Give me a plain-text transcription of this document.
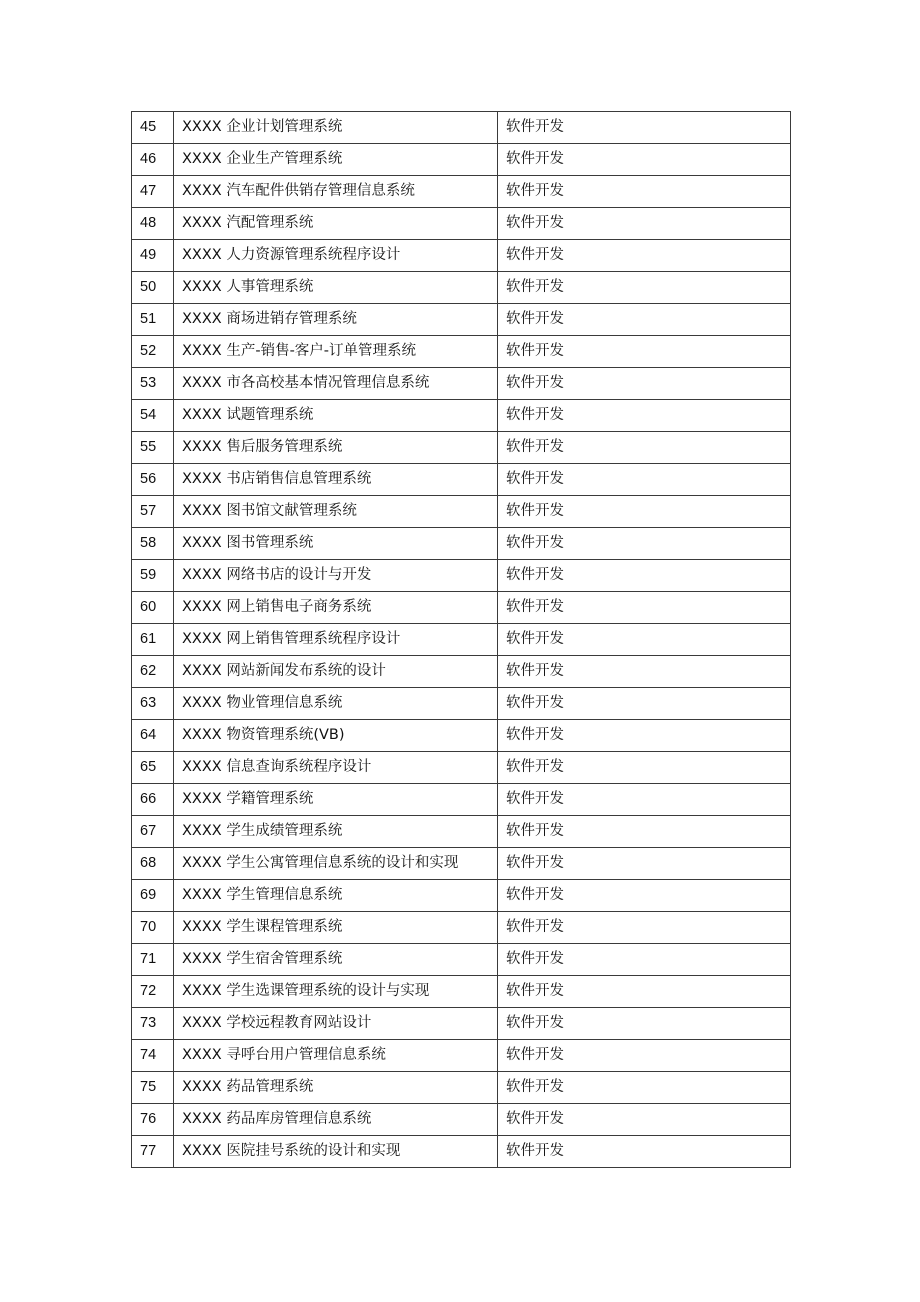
45	XXXX 企业计划管理系统	软件开发
46	XXXX 企业生产管理系统	软件开发
47	XXXX 汽车配件供销存管理信息系统	软件开发
48	XXXX 汽配管理系统	软件开发
49	XXXX 人力资源管理系统程序设计	软件开发
50	XXXX 人事管理系统	软件开发
51	XXXX 商场进销存管理系统	软件开发
52	XXXX 生产-销售-客户-订单管理系统	软件开发
53	XXXX 市各高校基本情况管理信息系统	软件开发
54	XXXX 试题管理系统	软件开发
55	XXXX 售后服务管理系统	软件开发
56	XXXX 书店销售信息管理系统	软件开发
57	XXXX 图书馆文献管理系统	软件开发
58	XXXX 图书管理系统	软件开发
59	XXXX 网络书店的设计与开发	软件开发
60	XXXX 网上销售电子商务系统	软件开发
61	XXXX 网上销售管理系统程序设计	软件开发
62	XXXX 网站新闻发布系统的设计	软件开发
63	XXXX 物业管理信息系统	软件开发
64	XXXX 物资管理系统(VB)	软件开发
65	XXXX 信息查询系统程序设计	软件开发
66	XXXX 学籍管理系统	软件开发
67	XXXX 学生成绩管理系统	软件开发
68	XXXX 学生公寓管理信息系统的设计和实现	软件开发
69	XXXX 学生管理信息系统	软件开发
70	XXXX 学生课程管理系统	软件开发
71	XXXX 学生宿舍管理系统	软件开发
72	XXXX 学生选课管理系统的设计与实现	软件开发
73	XXXX 学校远程教育网站设计	软件开发
74	XXXX 寻呼台用户管理信息系统	软件开发
75	XXXX 药品管理系统	软件开发
76	XXXX 药品库房管理信息系统	软件开发
77	XXXX 医院挂号系统的设计和实现	软件开发
